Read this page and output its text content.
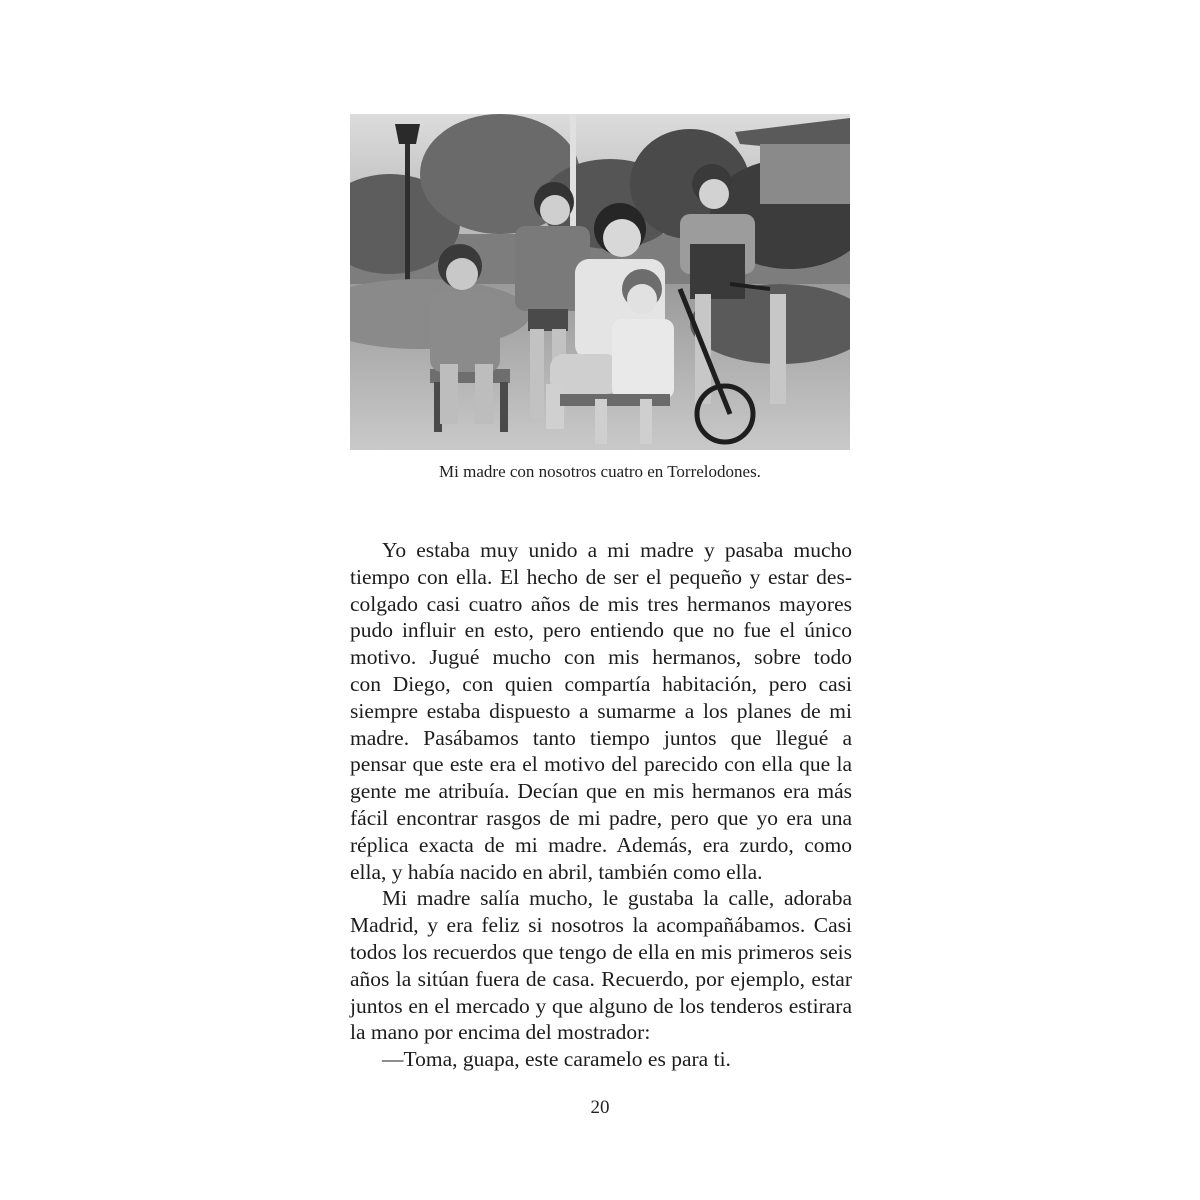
Mi madre con nosotros cuatro en Torrelodones.
Yo estaba muy unido a mi madre y pasaba mucho
tiempo con ella. El hecho de ser el pequeño y estar des-
colgado casi cuatro años de mis tres hermanos mayores
pudo influir en esto, pero entiendo que no fue el único
motivo. Jugué mucho con mis hermanos, sobre todo
con Diego, con quien compartía habitación, pero casi
siempre estaba dispuesto a sumarme a los planes de mi
madre. Pasábamos tanto tiempo juntos que llegué a
pensar que este era el motivo del parecido con ella que la
gente me atribuía. Decían que en mis hermanos era más
fácil encontrar rasgos de mi padre, pero que yo era una
réplica exacta de mi madre. Además, era zurdo, como
ella, y había nacido en abril, también como ella.
Mi madre salía mucho, le gustaba la calle, adoraba
Madrid, y era feliz si nosotros la acompañábamos. Casi
todos los recuerdos que tengo de ella en mis primeros seis
años la sitúan fuera de casa. Recuerdo, por ejemplo, estar
juntos en el mercado y que alguno de los tenderos estirara
la mano por encima del mostrador:
—Toma, guapa, este caramelo es para ti.
20
